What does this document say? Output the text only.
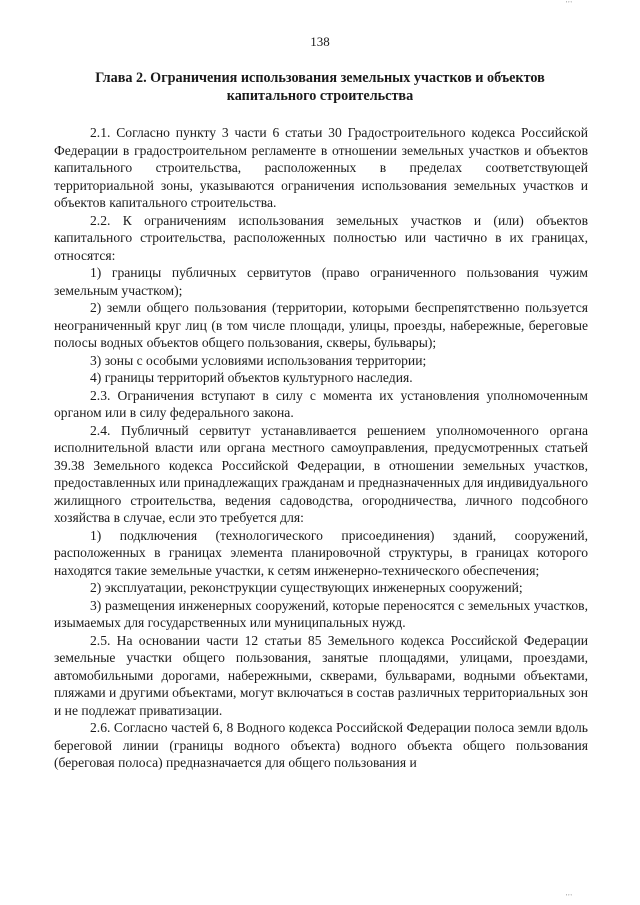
'''
138
Глава 2. Ограничения использования земельных участков и объектов капитального строительства

2.1. Согласно пункту 3 части 6 статьи 30 Градостроительного кодекса Российской Федерации в градостроительном регламенте в отношении земельных участков и объектов капитального строительства, расположенных в пределах соответствующей территориальной зоны, указываются ограничения использования земельных участков и объектов капитального строительства.

2.2. К ограничениям использования земельных участков и (или) объектов капитального строительства, расположенных полностью или частично в их границах, относятся:

1) границы публичных сервитутов (право ограниченного пользования чужим земельным участком);

2) земли общего пользования (территории, которыми беспрепятственно пользуется неограниченный круг лиц (в том числе площади, улицы, проезды, набережные, береговые полосы водных объектов общего пользования, скверы, бульвары);

3) зоны с особыми условиями использования территории;

4) границы территорий объектов культурного наследия.

2.3. Ограничения вступают в силу с момента их установления уполномоченным органом или в силу федерального закона.

2.4. Публичный сервитут устанавливается решением уполномоченного органа исполнительной власти или органа местного самоуправления, предусмотренных статьей 39.38 Земельного кодекса Российской Федерации, в отношении земельных участков, предоставленных или принадлежащих гражданам и предназначенных для индивидуального жилищного строительства, ведения садоводства, огородничества, личного подсобного хозяйства в случае, если это требуется для:

1) подключения (технологического присоединения) зданий, сооружений, расположенных в границах элемента планировочной структуры, в границах которого находятся такие земельные участки, к сетям инженерно-технического обеспечения;

2) эксплуатации, реконструкции существующих инженерных сооружений;

3) размещения инженерных сооружений, которые переносятся с земельных участков, изымаемых для государственных или муниципальных нужд.

2.5. На основании части 12 статьи 85 Земельного кодекса Российской Федерации земельные участки общего пользования, занятые площадями, улицами, проездами, автомобильными дорогами, набережными, скверами, бульварами, водными объектами, пляжами и другими объектами, могут включаться в состав различных территориальных зон и не подлежат приватизации.

2.6. Согласно частей 6, 8 Водного кодекса Российской Федерации полоса земли вдоль береговой линии (границы водного объекта) водного объекта общего пользования (береговая полоса) предназначается для общего пользования и

'''
